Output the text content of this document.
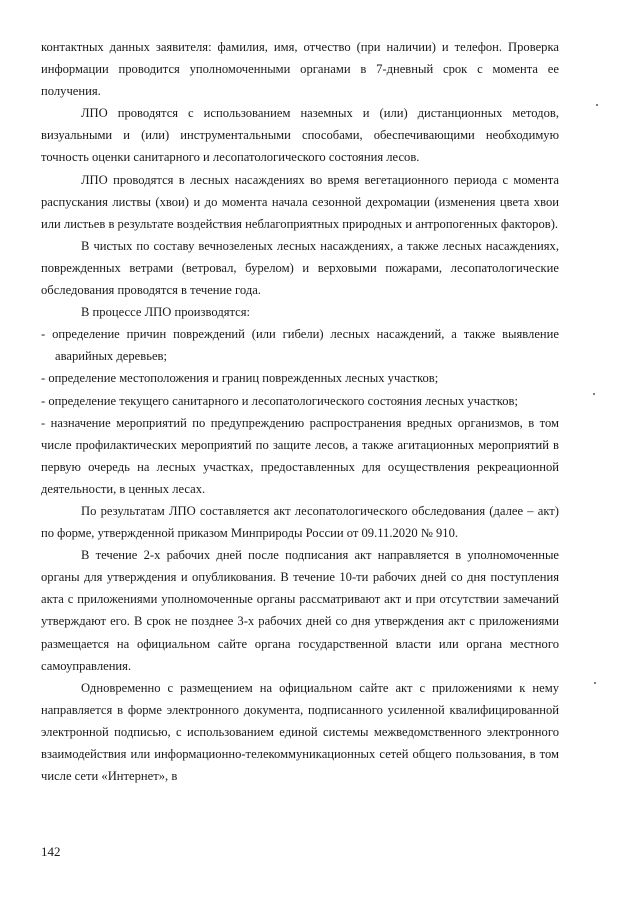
контактных данных заявителя: фамилия, имя, отчество (при наличии) и телефон. Проверка информации проводится уполномоченными органами в 7-дневный срок с момента ее получения.

ЛПО проводятся с использованием наземных и (или) дистанционных методов, визуальными и (или) инструментальными способами, обеспечивающими необходимую точность оценки санитарного и лесопатологического состояния лесов.

ЛПО проводятся в лесных насаждениях во время вегетационного периода с момента распускания листвы (хвои) и до момента начала сезонной дехромации (изменения цвета хвои или листьев в результате воздействия неблагоприятных природных и антропогенных факторов).

В чистых по составу вечнозеленых лесных насаждениях, а также лесных насаждениях, поврежденных ветрами (ветровал, бурелом) и верховыми пожарами, лесопатологические обследования проводятся в течение года.

В процессе ЛПО производятся:

- определение причин повреждений (или гибели) лесных насаждений, а также выявление аварийных деревьев;

- определение местоположения и границ поврежденных лесных участков;

- определение текущего санитарного и лесопатологического состояния лесных участков;

- назначение мероприятий по предупреждению распространения вредных организмов, в том числе профилактических мероприятий по защите лесов, а также агитационных мероприятий в первую очередь на лесных участках, предоставленных для осуществления рекреационной деятельности, в ценных лесах.

По результатам ЛПО составляется акт лесопатологического обследования (далее – акт) по форме, утвержденной приказом Минприроды России от 09.11.2020 № 910.

В течение 2-х рабочих дней после подписания акт направляется в уполномоченные органы для утверждения и опубликования. В течение 10-ти рабочих дней со дня поступления акта с приложениями уполномоченные органы рассматривают акт и при отсутствии замечаний утверждают его. В срок не позднее 3-х рабочих дней со дня утверждения акт с приложениями размещается на официальном сайте органа государственной власти или органа местного самоуправления.

Одновременно с размещением на официальном сайте акт с приложениями к нему направляется в форме электронного документа, подписанного усиленной квалифицированной электронной подписью, с использованием единой системы межведомственного электронного взаимодействия или информационно-телекоммуникационных сетей общего пользования, в том числе сети «Интернет», в

142
